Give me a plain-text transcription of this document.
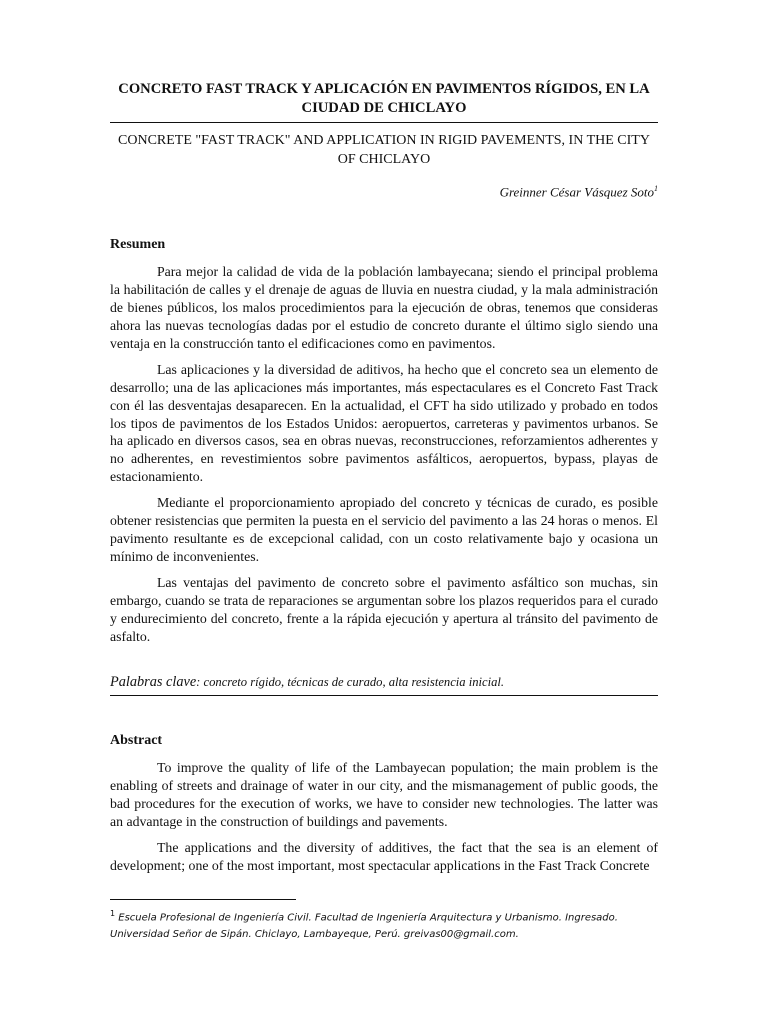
CONCRETO FAST TRACK Y APLICACIÓN EN PAVIMENTOS RÍGIDOS, EN LA
CIUDAD DE CHICLAYO

CONCRETE "FAST TRACK" AND APPLICATION IN RIGID PAVEMENTS, IN THE CITY
OF CHICLAYO

Greinner César Vásquez Soto$^1$

Resumen

Para mejor la calidad de vida de la población lambayecana; siendo el principal problema la habilitación de calles y el drenaje de aguas de lluvia en nuestra ciudad, y la mala administración de bienes públicos, los malos procedimientos para la ejecución de obras, tenemos que consideras ahora las nuevas tecnologías dadas por el estudio de concreto durante el último siglo siendo una ventaja en la construcción tanto el edificaciones como en pavimentos.

Las aplicaciones y la diversidad de aditivos, ha hecho que el concreto sea un elemento de desarrollo; una de las aplicaciones más importantes, más espectaculares es el Concreto Fast Track con él las desventajas desaparecen. En la actualidad, el CFT ha sido utilizado y probado en todos los tipos de pavimentos de los Estados Unidos: aeropuertos, carreteras y pavimentos urbanos. Se ha aplicado en diversos casos, sea en obras nuevas, reconstrucciones, reforzamientos adherentes y no adherentes, en revestimientos sobre pavimentos asfálticos, aeropuertos, bypass, playas de estacionamiento.

Mediante el proporcionamiento apropiado del concreto y técnicas de curado, es posible obtener resistencias que permiten la puesta en el servicio del pavimento a las 24 horas o menos. El pavimento resultante es de excepcional calidad, con un costo relativamente bajo y ocasiona un mínimo de inconvenientes.

Las ventajas del pavimento de concreto sobre el pavimento asfáltico son muchas, sin embargo, cuando se trata de reparaciones se argumentan sobre los plazos requeridos para el curado y endurecimiento del concreto, frente a la rápida ejecución y apertura al tránsito del pavimento de asfalto.

Palabras clave: concreto rígido, técnicas de curado, alta resistencia inicial.
Abstract

To improve the quality of life of the Lambayecan population; the main problem is the enabling of streets and drainage of water in our city, and the mismanagement of public goods, the bad procedures for the execution of works, we have to consider new technologies. The latter was an advantage in the construction of buildings and pavements.

The applications and the diversity of additives, the fact that the sea is an element of development; one of the most important, most spectacular applications in the Fast Track Concrete

$^1$ Escuela Profesional de Ingeniería Civil. Facultad de Ingeniería Arquitectura y Urbanismo. Ingresado.
Universidad Señor de Sipán. Chiclayo, Lambayeque, Perú. greivas00@gmail.com.
